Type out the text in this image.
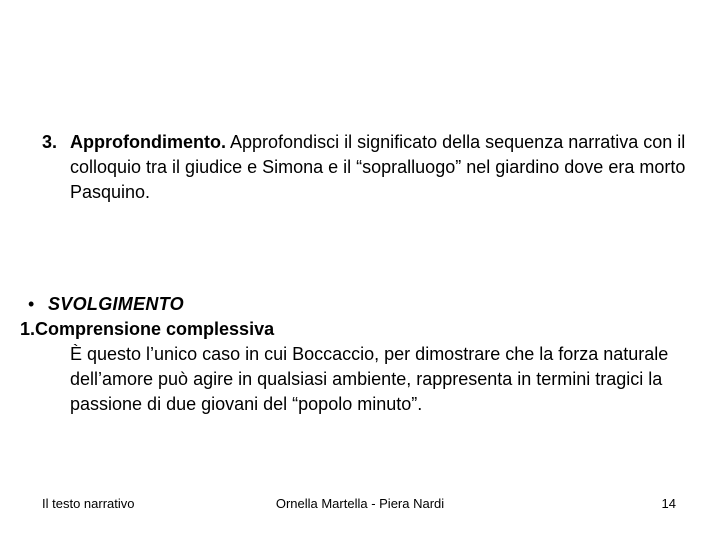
3. Approfondimento. Approfondisci il significato della sequenza narrativa con il colloquio tra il giudice e Simona e il “sopralluogo” nel giardino dove era morto Pasquino.
• SVOLGIMENTO
1.Comprensione complessiva
È questo l’unico caso in cui Boccaccio, per dimostrare che la forza naturale dell’amore può agire in qualsiasi ambiente, rappresenta in termini tragici la passione di due giovani del “popolo minuto”.
Il testo narrativo	Ornella Martella - Piera Nardi	14
